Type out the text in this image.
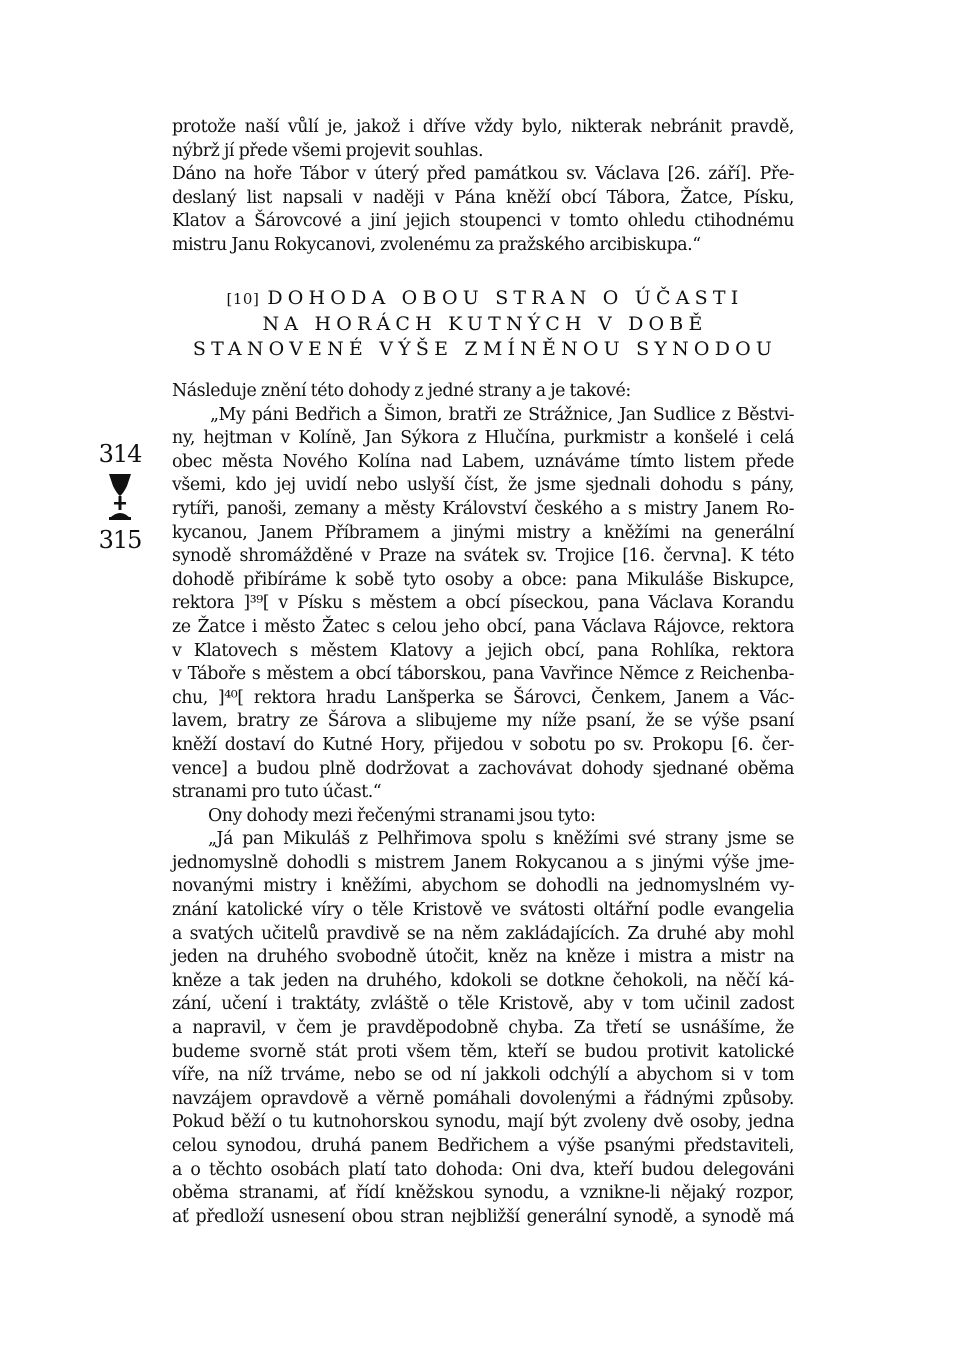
protože naší vůlí je, jakož i dříve vždy bylo, nikterak nebránit pravdě,
nýbrž jí přede všemi projevit souhlas.
Dáno na hoře Tábor v úterý před památkou sv. Václava [26. září]. Pře-
deslaný list napsali v naději v Pána kněží obcí Tábora, Žatce, Písku,
Klatov a Šárovcové a jiní jejich stoupenci v tomto ohledu ctihodnému
mistru Janu Rokycanovi, zvolenému za pražského arcibiskupa.“
[10] DOHODA OBOU STRAN O ÚČASTI
NA HORÁCH KUTNÝCH V DOBĚ
STANOVENÉ VÝŠE ZMÍNĚNOU SYNODOU
314
315
Následuje znění této dohody z jedné strany a je takové:
„My páni Bedřich a Šimon, bratři ze Strážnice, Jan Sudlice z Běstvi-
ny, hejtman v Kolíně, Jan Sýkora z Hlučína, purkmistr a konšelé i celá
obec města Nového Kolína nad Labem, uznáváme tímto listem přede
všemi, kdo jej uvidí nebo uslyší číst, že jsme sjednali dohodu s pány,
rytíři, panoši, zemany a městy Království českého a s mistry Janem Ro-
kycanou, Janem Příbramem a jinými mistry a kněžími na generální
synodě shromážděné v Praze na svátek sv. Trojice [16. června]. K této
dohodě přibíráme k sobě tyto osoby a obce: pana Mikuláše Biskupce,
rektora ]³⁹[ v Písku s městem a obcí píseckou, pana Václava Korandu
ze Žatce i město Žatec s celou jeho obcí, pana Václava Rájovce, rektora
v Klatovech s městem Klatovy a jejich obcí, pana Rohlíka, rektora
v Táboře s městem a obcí táborskou, pana Vavřince Němce z Reichenba-
chu, ]⁴⁰[ rektora hradu Lanšperka se Šárovci, Čenkem, Janem a Vác-
lavem, bratry ze Šárova a slibujeme my níže psaní, že se výše psaní
kněží dostaví do Kutné Hory, přijedou v sobotu po sv. Prokopu [6. čer-
vence] a budou plně dodržovat a zachovávat dohody sjednané oběma
stranami pro tuto účast.“
Ony dohody mezi řečenými stranami jsou tyto:
„Já pan Mikuláš z Pelhřimova spolu s kněžími své strany jsme se
jednomyslně dohodli s mistrem Janem Rokycanou a s jinými výše jme-
novanými mistry i kněžími, abychom se dohodli na jednomyslném vy-
znání katolické víry o těle Kristově ve svátosti oltářní podle evangelia
a svatých učitelů pravdivě se na něm zakládajících. Za druhé aby mohl
jeden na druhého svobodně útočit, kněz na kněze i mistra a mistr na
kněze a tak jeden na druhého, kdokoli se dotkne čehokoli, na něčí ká-
zání, učení i traktáty, zvláště o těle Kristově, aby v tom učinil zadost
a napravil, v čem je pravděpodobně chyba. Za třetí se usnášíme, že
budeme svorně stát proti všem těm, kteří se budou protivit katolické
víře, na níž trváme, nebo se od ní jakkoli odchýlí a abychom si v tom
navzájem opravdově a věrně pomáhali dovolenými a řádnými způsoby.
Pokud běží o tu kutnohorskou synodu, mají být zvoleny dvě osoby, jedna
celou synodou, druhá panem Bedřichem a výše psanými představiteli,
a o těchto osobách platí tato dohoda: Oni dva, kteří budou delegováni
oběma stranami, ať řídí kněžskou synodu, a vznikne-li nějaký rozpor,
ať předloží usnesení obou stran nejbližší generální synodě, a synodě má
